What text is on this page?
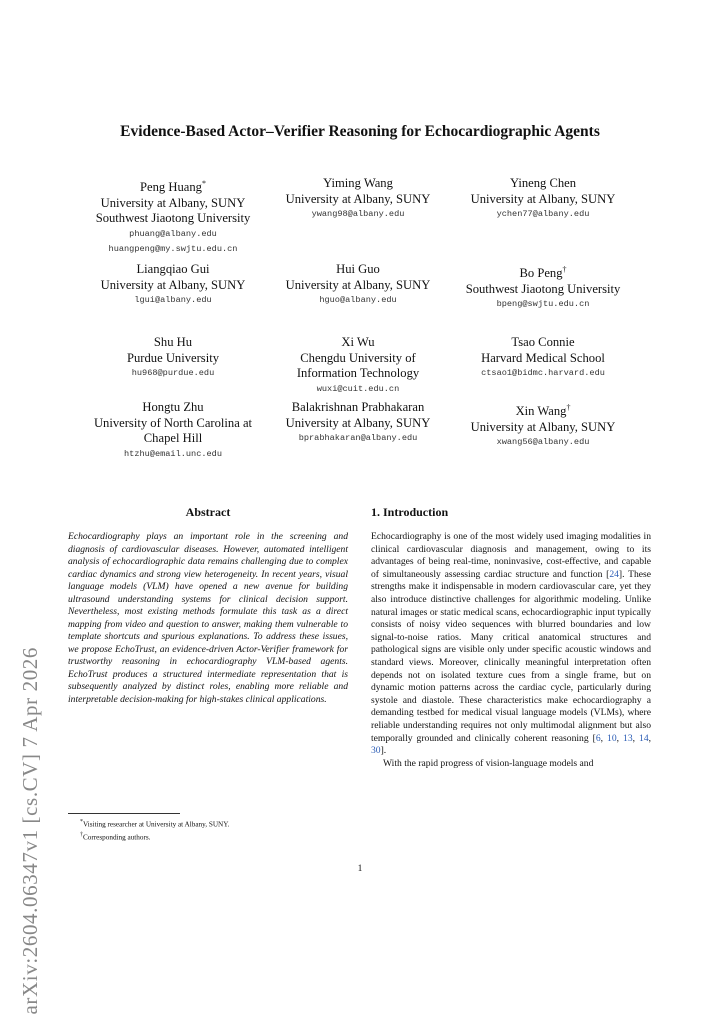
arXiv:2604.06347v1 [cs.CV] 7 Apr 2026
Evidence-Based Actor–Verifier Reasoning for Echocardiographic Agents
Peng Huang*
University at Albany, SUNY
Southwest Jiaotong University
phuang@albany.edu
huangpeng@my.swjtu.edu.cn
Yiming Wang
University at Albany, SUNY
ywang98@albany.edu
Yineng Chen
University at Albany, SUNY
ychen77@albany.edu
Liangqiao Gui
University at Albany, SUNY
lgui@albany.edu
Hui Guo
University at Albany, SUNY
hguo@albany.edu
Bo Peng†
Southwest Jiaotong University
bpeng@swjtu.edu.cn
Shu Hu
Purdue University
hu968@purdue.edu
Xi Wu
Chengdu University of
Information Technology
wuxi@cuit.edu.cn
Tsao Connie
Harvard Medical School
ctsao1@bidmc.harvard.edu
Hongtu Zhu
University of North Carolina at
Chapel Hill
htzhu@email.unc.edu
Balakrishnan Prabhakaran
University at Albany, SUNY
bprabhakaran@albany.edu
Xin Wang†
University at Albany, SUNY
xwang56@albany.edu
Abstract
Echocardiography plays an important role in the screening and diagnosis of cardiovascular diseases. However, automated intelligent analysis of echocardiographic data remains challenging due to complex cardiac dynamics and strong view heterogeneity. In recent years, visual language models (VLM) have opened a new avenue for building ultrasound understanding systems for clinical decision support. Nevertheless, most existing methods formulate this task as a direct mapping from video and question to answer, making them vulnerable to template shortcuts and spurious explanations. To address these issues, we propose EchoTrust, an evidence-driven Actor-Verifier framework for trustworthy reasoning in echocardiography VLM-based agents. EchoTrust produces a structured intermediate representation that is subsequently analyzed by distinct roles, enabling more reliable and interpretable decision-making for high-stakes clinical applications.
1. Introduction

Echocardiography is one of the most widely used imaging modalities in clinical cardiovascular diagnosis and management, owing to its advantages of being real-time, noninvasive, cost-effective, and capable of simultaneously assessing cardiac structure and function [24]. These strengths make it indispensable in modern cardiovascular care, yet they also introduce distinctive challenges for algorithmic modeling. Unlike natural images or static medical scans, echocardiographic input typically consists of noisy video sequences with blurred boundaries and low signal-to-noise ratios. Many critical anatomical structures and pathological signs are visible only under specific acoustic windows and standard views. Moreover, clinically meaningful interpretation often depends not on isolated texture cues from a single frame, but on dynamic motion patterns across the cardiac cycle, particularly during systole and diastole. These characteristics make echocardiography a demanding testbed for medical visual language models (VLMs), where reliable understanding requires not only multimodal alignment but also temporally grounded and clinically coherent reasoning [6, 10, 13, 14, 30].

With the rapid progress of vision-language models and

*Visiting researcher at University at Albany, SUNY.
†Corresponding authors.
1
